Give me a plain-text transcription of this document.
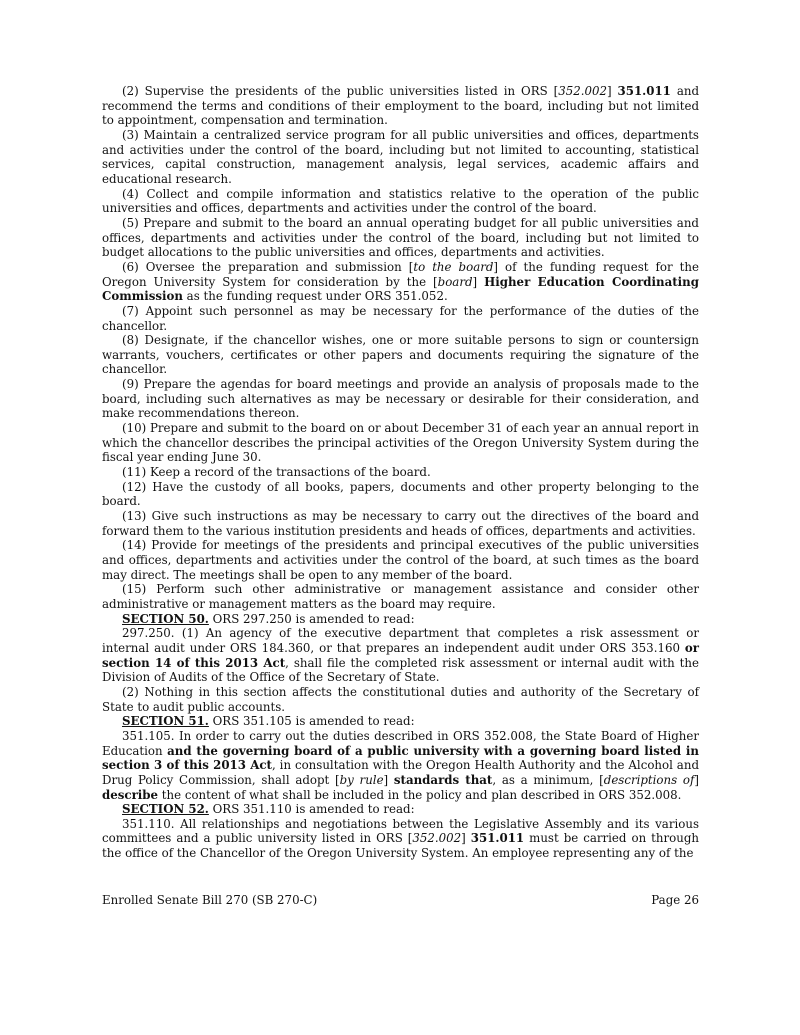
(2) Supervise the presidents of the public universities listed in ORS [352.002] 351.011 and recommend the terms and conditions of their employment to the board, including but not limited to appointment, compensation and termination.

(3) Maintain a centralized service program for all public universities and offices, departments and activities under the control of the board, including but not limited to accounting, statistical services, capital construction, management analysis, legal services, academic affairs and educational research.

(4) Collect and compile information and statistics relative to the operation of the public universities and offices, departments and activities under the control of the board.

(5) Prepare and submit to the board an annual operating budget for all public universities and offices, departments and activities under the control of the board, including but not limited to budget allocations to the public universities and offices, departments and activities.

(6) Oversee the preparation and submission [to the board] of the funding request for the Oregon University System for consideration by the [board] Higher Education Coordinating Commission as the funding request under ORS 351.052.

(7) Appoint such personnel as may be necessary for the performance of the duties of the chancellor.

(8) Designate, if the chancellor wishes, one or more suitable persons to sign or countersign warrants, vouchers, certificates or other papers and documents requiring the signature of the chancellor.

(9) Prepare the agendas for board meetings and provide an analysis of proposals made to the board, including such alternatives as may be necessary or desirable for their consideration, and make recommendations thereon.

(10) Prepare and submit to the board on or about December 31 of each year an annual report in which the chancellor describes the principal activities of the Oregon University System during the fiscal year ending June 30.

(11) Keep a record of the transactions of the board.

(12) Have the custody of all books, papers, documents and other property belonging to the board.

(13) Give such instructions as may be necessary to carry out the directives of the board and forward them to the various institution presidents and heads of offices, departments and activities.

(14) Provide for meetings of the presidents and principal executives of the public universities and offices, departments and activities under the control of the board, at such times as the board may direct. The meetings shall be open to any member of the board.

(15) Perform such other administrative or management assistance and consider other administrative or management matters as the board may require.

SECTION 50. ORS 297.250 is amended to read:

297.250. (1) An agency of the executive department that completes a risk assessment or internal audit under ORS 184.360, or that prepares an independent audit under ORS 353.160 or section 14 of this 2013 Act, shall file the completed risk assessment or internal audit with the Division of Audits of the Office of the Secretary of State.

(2) Nothing in this section affects the constitutional duties and authority of the Secretary of State to audit public accounts.

SECTION 51. ORS 351.105 is amended to read:

351.105. In order to carry out the duties described in ORS 352.008, the State Board of Higher Education and the governing board of a public university with a governing board listed in section 3 of this 2013 Act, in consultation with the Oregon Health Authority and the Alcohol and Drug Policy Commission, shall adopt [by rule] standards that, as a minimum, [descriptions of] describe the content of what shall be included in the policy and plan described in ORS 352.008.

SECTION 52. ORS 351.110 is amended to read:

351.110. All relationships and negotiations between the Legislative Assembly and its various committees and a public university listed in ORS [352.002] 351.011 must be carried on through the office of the Chancellor of the Oregon University System. An employee representing any of the

Enrolled Senate Bill 270 (SB 270-C)	Page 26
